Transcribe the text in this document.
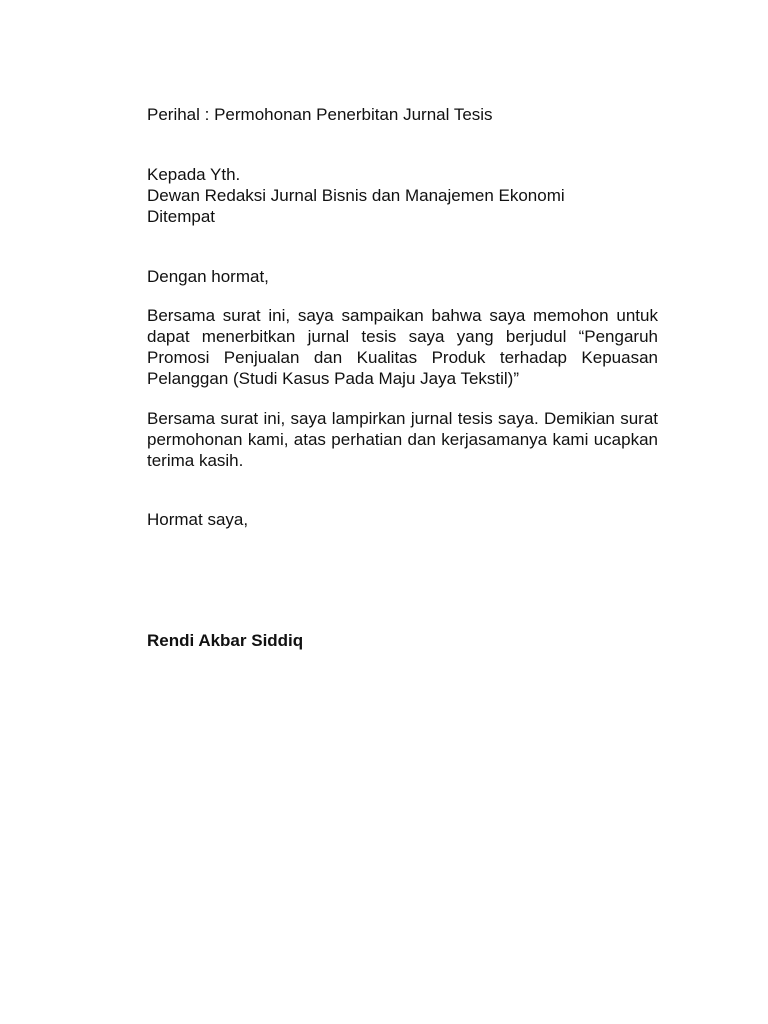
Perihal : Permohonan Penerbitan Jurnal Tesis

Kepada Yth.
Dewan Redaksi Jurnal Bisnis dan Manajemen Ekonomi
Ditempat

Dengan hormat,

Bersama surat ini, saya sampaikan bahwa saya memohon untuk dapat menerbitkan jurnal tesis saya yang berjudul “Pengaruh Promosi Penjualan dan Kualitas Produk terhadap Kepuasan Pelanggan (Studi Kasus Pada Maju Jaya Tekstil)”

Bersama surat ini, saya lampirkan jurnal tesis saya. Demikian surat permohonan kami, atas perhatian dan kerjasamanya kami ucapkan terima kasih.

Hormat saya,

Rendi Akbar Siddiq
